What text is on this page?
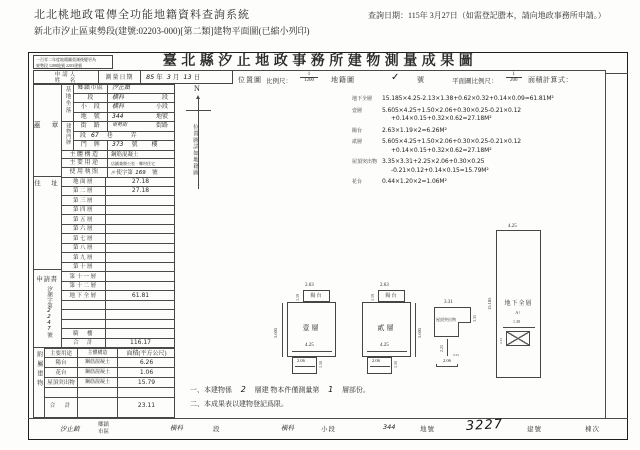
北北桃地政電傳全功能地籍資料查詢系統	查詢日期：115年 3月27日（如需登記謄本，請向地政事務所申請。）
新北市汐止區東勢段(建號:02203-000)[第二類]建物平面圖(已縮小列印)
一百零二年度地籍圖重測後變更為
東勢段 1288地號 2203建號	臺北縣汐止地政事務所建物測量成果圖
申請人
姓　名
測量日期	85 年 3 月 13 日
蓋　章
住　址
申請書
汐潮字第2247號
附屬建物
基地坐落
建物門牌
鄉鎮市區	汐止鎮
段	横科	段
小　段	横科	小段
地　號	344	地號
街　路	東勢街	街路
段 67 巷	弄
門　牌	373 號 樓
主體構造	鋼筋混凝土
主要用途	店鋪兼辦公室‧鄉村住宅
使用執照	汐 使字第 169 號
地面層	27.18
第二層	27.18
第三層
第四層
第五層
第六層
第七層
第八層
第九層
第十層
第十一層
第十二層
地下全層	61.81
騎　樓
合　計	116.17
主要用途	主體構造	面積(平方公尺)
陽台	鋼筋混凝土	6.26
花台	鋼筋混凝土	1.06
屋頂突出物	鋼筋混凝土	15.79
合　計	23.11
位置圖 比例尺： $\frac{1}{1200}$ 地籍圖	✓	號	平面圖比例尺： $\frac{1}{200}$ 面積計算式：
N
位置圖詳如地籍圖
地下全層	15.185×4.25-2.13×1.38+0.62×0.32+0.14×0.09=61.81M²
壹層	5.605×4.25+1.50×2.06+0.30×0.25-0.21×0.12
+0.14×0.15+0.32×0.62=27.18M²
陽台	2.63×1.19×2=6.26M²
貳層	5.605×4.25+1.50×2.06+0.30×0.25-0.21×0.12
+0.14×0.15+0.32×0.62=27.18M²
屋頂突出物 3.35×3.31+2.25×2.06+0.30×0.25
-0.21×0.12+0.14×0.15=15.79M²
花台	0.44×1.20×2=1.06M²
2.63
陽台
1.19
壹層
5.605
4.25
2.06
1.50
2.63
陽台
1.19
貳層	5.605
4.25
2.06
1.50
3.31
屋頂突出物	3.35
2.25
0.25
2.06
4.25
15.185	地下全層
A↑
1.38
2.13
一、本建物係 2 層建 物本件僅測量第 1 層部份。
二、本成果表以建物登記爲限。
汐止鎮	鄉鎮
市區	横科	段	横科	小段	344	地號 3227	建號	棟次
